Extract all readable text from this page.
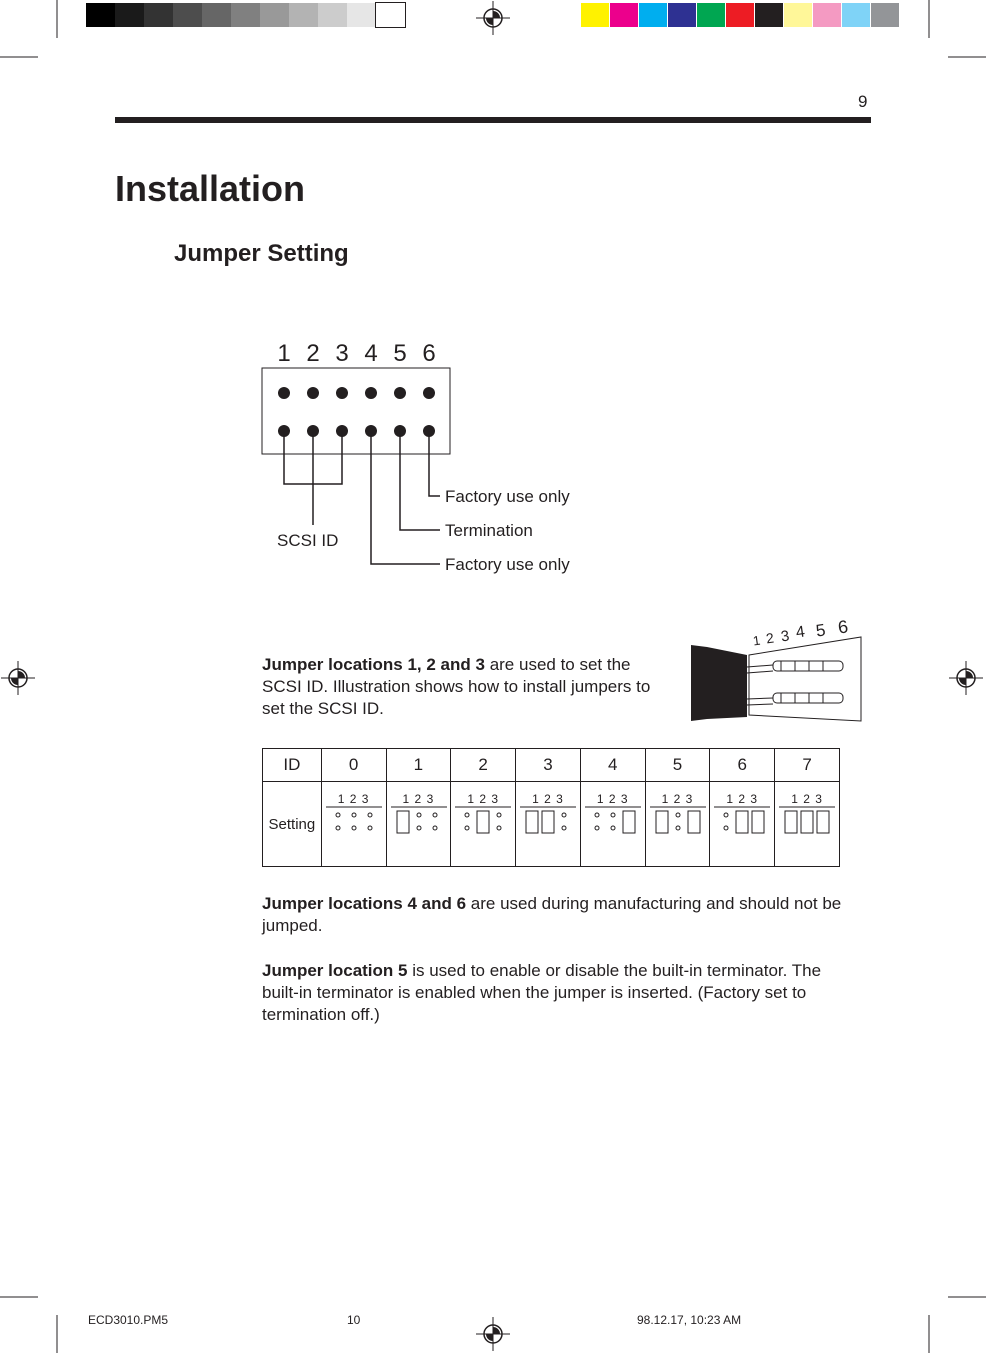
9
Installation
Jumper Setting
1 2 3 4 5 6
Factory use only
Termination
SCSI ID
Factory use only
1 2 3 4 5 6
Jumper locations 1, 2 and 3 are used to set the SCSI ID. Illustration shows how to install jumpers to set the SCSI ID.
ID	0	1	2	3	4	5	6	7
Setting	1 2 3	1 2 3	1 2 3	1 2 3	1 2 3	1 2 3	1 2 3	1 2 3
Jumper locations 4 and 6 are used during manufacturing and should not be jumped.
Jumper location 5 is used to enable or disable the built-in terminator. The built-in terminator is enabled when the jumper is inserted. (Factory set to termination off.)
ECD3010.PM5	10	98.12.17, 10:23 AM
